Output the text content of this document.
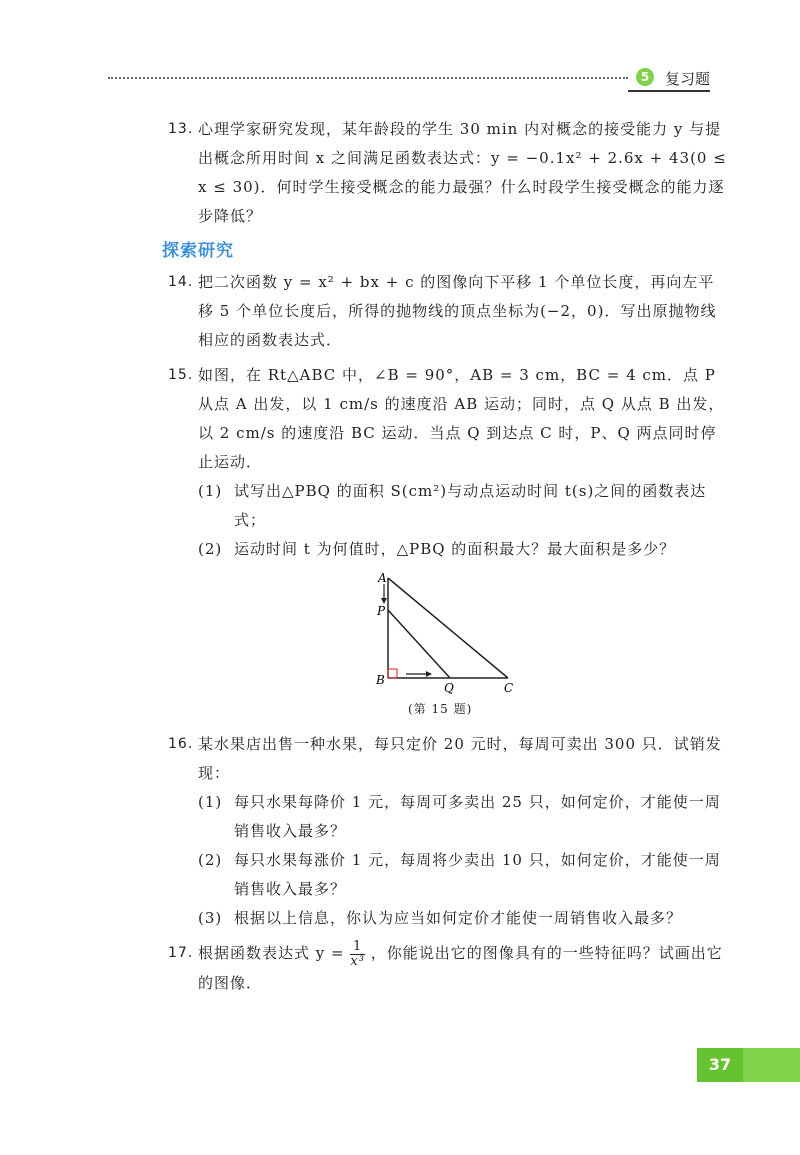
5	复习题
13. 心理学家研究发现，某年龄段的学生 30 min 内对概念的接受能力 y 与提出概念所用时间 x 之间满足函数表达式：y = −0.1x² + 2.6x + 43(0 ≤ x ≤ 30)．何时学生接受概念的能力最强？什么时段学生接受概念的能力逐步降低？
探索研究
14. 把二次函数 y = x² + bx + c 的图像向下平移 1 个单位长度，再向左平移 5 个单位长度后，所得的抛物线的顶点坐标为(−2，0)．写出原抛物线相应的函数表达式．
15. 如图，在 Rt△ABC 中，∠B = 90°，AB = 3 cm，BC = 4 cm．点 P 从点 A 出发，以 1 cm/s 的速度沿 AB 运动；同时，点 Q 从点 B 出发，以 2 cm/s 的速度沿 BC 运动．当点 Q 到达点 C 时，P、Q 两点同时停止运动．
(1) 试写出△PBQ 的面积 S(cm²)与动点运动时间 t(s)之间的函数表达式；
(2) 运动时间 t 为何值时，△PBQ 的面积最大？最大面积是多少？
A
P
B
Q	C
(第 15 题)
16. 某水果店出售一种水果，每只定价 20 元时，每周可卖出 300 只．试销发现：
(1) 每只水果每降价 1 元，每周可多卖出 25 只，如何定价，才能使一周销售收入最多？
(2) 每只水果每涨价 1 元，每周将少卖出 10 只，如何定价，才能使一周销售收入最多？
(3) 根据以上信息，你认为应当如何定价才能使一周销售收入最多？
17. 根据函数表达式 $y = \frac{1}{\text{x³}}$ ，你能说出它的图像具有的一些特征吗？试画出它的图像．
37
